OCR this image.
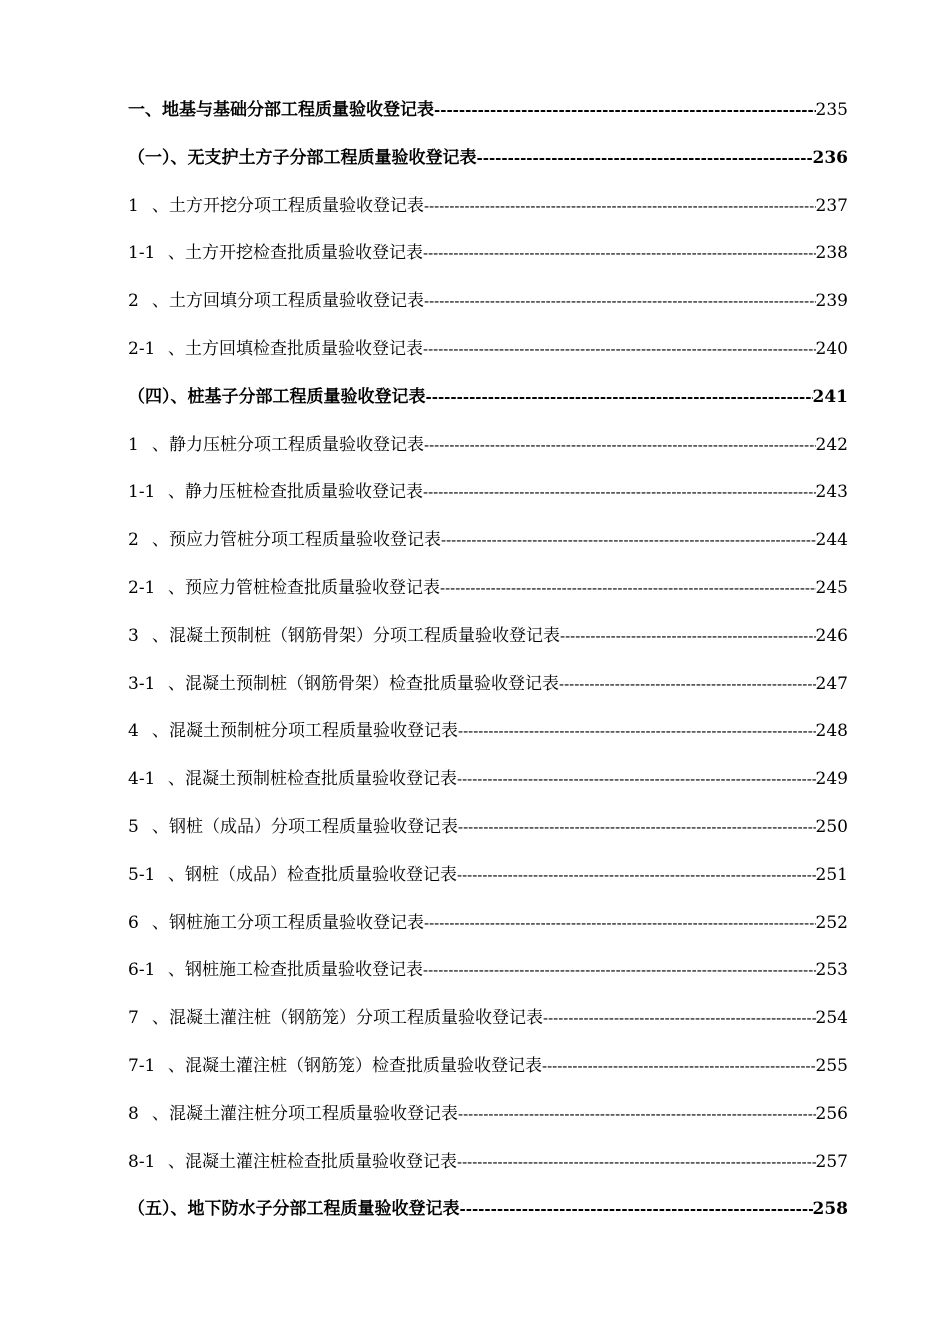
一、地基与基础分部工程质量验收登记表 -----	235
（一）、无支护土方子分部工程质量验收登记表 -----	236
1 、土方开挖分项工程质量验收登记表 -----	237
1-1 、土方开挖检查批质量验收登记表 -----	238
2 、土方回填分项工程质量验收登记表 -----	239
2-1 、土方回填检查批质量验收登记表 -----	240
（四）、桩基子分部工程质量验收登记表 -----	241
1 、静力压桩分项工程质量验收登记表 -----	242
1-1 、静力压桩检查批质量验收登记表 -----	243
2 、预应力管桩分项工程质量验收登记表 -----	244
2-1 、预应力管桩检查批质量验收登记表 -----	245
3 、混凝土预制桩（钢筋骨架）分项工程质量验收登记表 -----	246
3-1 、混凝土预制桩（钢筋骨架）检查批质量验收登记表 -----	247
4 、混凝土预制桩分项工程质量验收登记表 -----	248
4-1 、混凝土预制桩检查批质量验收登记表 -----	249
5 、钢桩（成品）分项工程质量验收登记表 -----	250
5-1 、钢桩（成品）检查批质量验收登记表 -----	251
6 、钢桩施工分项工程质量验收登记表 -----	252
6-1 、钢桩施工检查批质量验收登记表 -----	253
7 、混凝土灌注桩（钢筋笼）分项工程质量验收登记表 -----	254
7-1 、混凝土灌注桩（钢筋笼）检查批质量验收登记表 -----	255
8 、混凝土灌注桩分项工程质量验收登记表 -----	256
8-1 、混凝土灌注桩检查批质量验收登记表 -----	257
（五）、地下防水子分部工程质量验收登记表 -----	258
